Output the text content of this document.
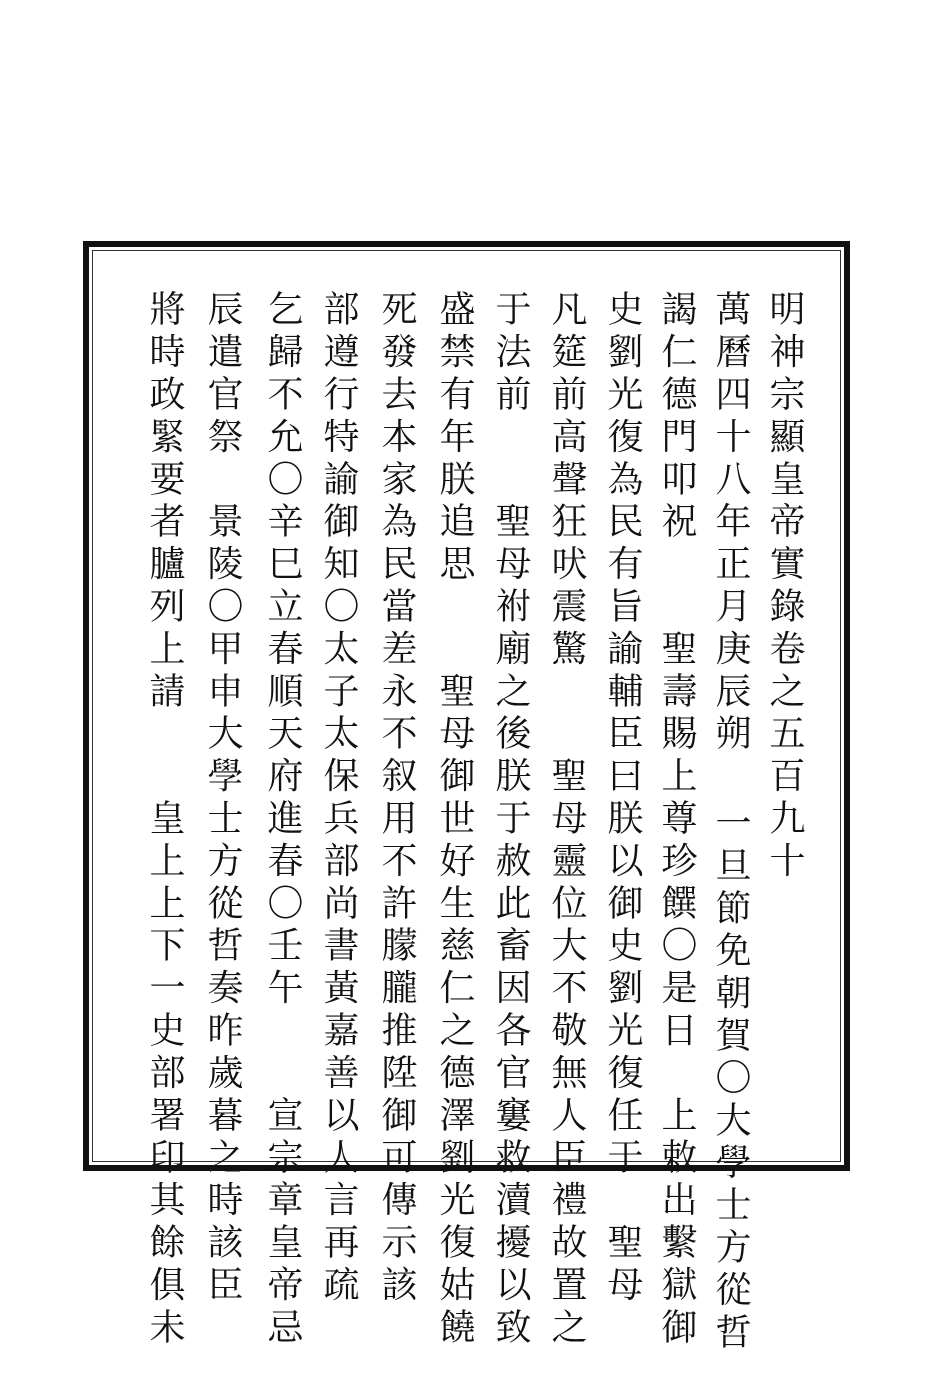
明神宗顯皇帝實錄卷之五百九十
萬曆四十八年正月庚辰朔 一旦節免朝賀〇大學士方從哲
謁仁德門叩祝　　聖壽賜上尊珍饌〇是日　上敕出繫獄御
史劉光復為民有旨諭輔臣曰朕以御史劉光復任于　聖母
凡筵前高聲狂吠震驚　　聖母靈位大不敬無人臣禮故置之
于法前　　聖母祔廟之後朕于赦此畜因各官窶救瀆擾以致
盛禁有年朕追思　　聖母御世好生慈仁之德澤劉光復姑饒
死發去本家為民當差永不叙用不許朦朧推陞御可傳示該
部遵行特諭御知〇太子太保兵部尚書黃嘉善以人言再疏
乞歸不允〇辛巳立春順天府進春〇壬午　　宣宗章皇帝忌
辰遣官祭　景陵〇甲申大學士方從哲奏昨歲暮之時該臣
將時政緊要者臚列上請　　皇上上下一史部署印其餘俱未
